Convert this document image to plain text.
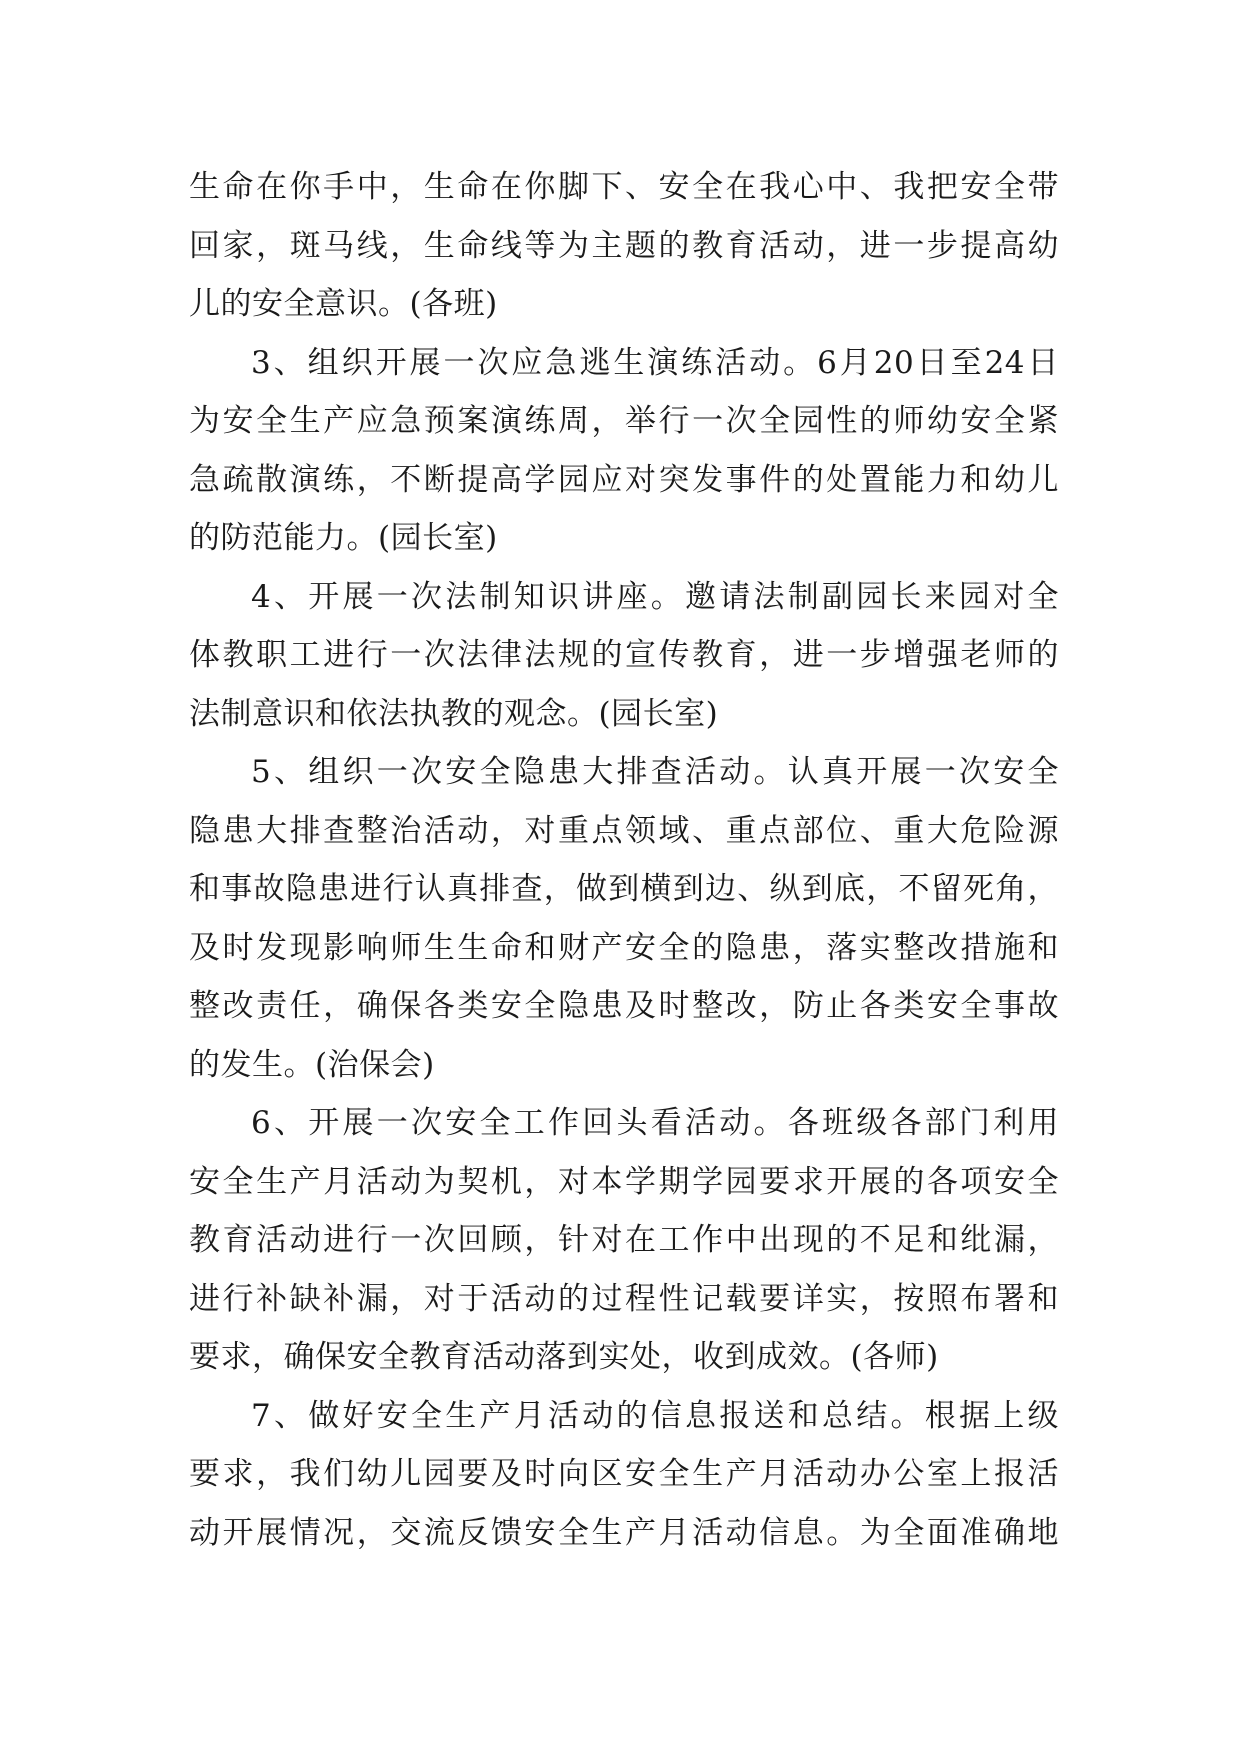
生命在你手中，生命在你脚下、安全在我心中、我把安全带
回家，斑马线，生命线等为主题的教育活动，进一步提高幼
儿的安全意识。(各班)
3、组织开展一次应急逃生演练活动。6月20日至24日
为安全生产应急预案演练周，举行一次全园性的师幼安全紧
急疏散演练，不断提高学园应对突发事件的处置能力和幼儿
的防范能力。(园长室)
4、开展一次法制知识讲座。邀请法制副园长来园对全
体教职工进行一次法律法规的宣传教育，进一步增强老师的
法制意识和依法执教的观念。(园长室)
5、组织一次安全隐患大排查活动。认真开展一次安全
隐患大排查整治活动，对重点领域、重点部位、重大危险源
和事故隐患进行认真排查，做到横到边、纵到底，不留死角，
及时发现影响师生生命和财产安全的隐患，落实整改措施和
整改责任，确保各类安全隐患及时整改，防止各类安全事故
的发生。(治保会)
6、开展一次安全工作回头看活动。各班级各部门利用
安全生产月活动为契机，对本学期学园要求开展的各项安全
教育活动进行一次回顾，针对在工作中出现的不足和纰漏，
进行补缺补漏，对于活动的过程性记载要详实，按照布署和
要求，确保安全教育活动落到实处，收到成效。(各师)
7、做好安全生产月活动的信息报送和总结。根据上级
要求，我们幼儿园要及时向区安全生产月活动办公室上报活
动开展情况，交流反馈安全生产月活动信息。为全面准确地
